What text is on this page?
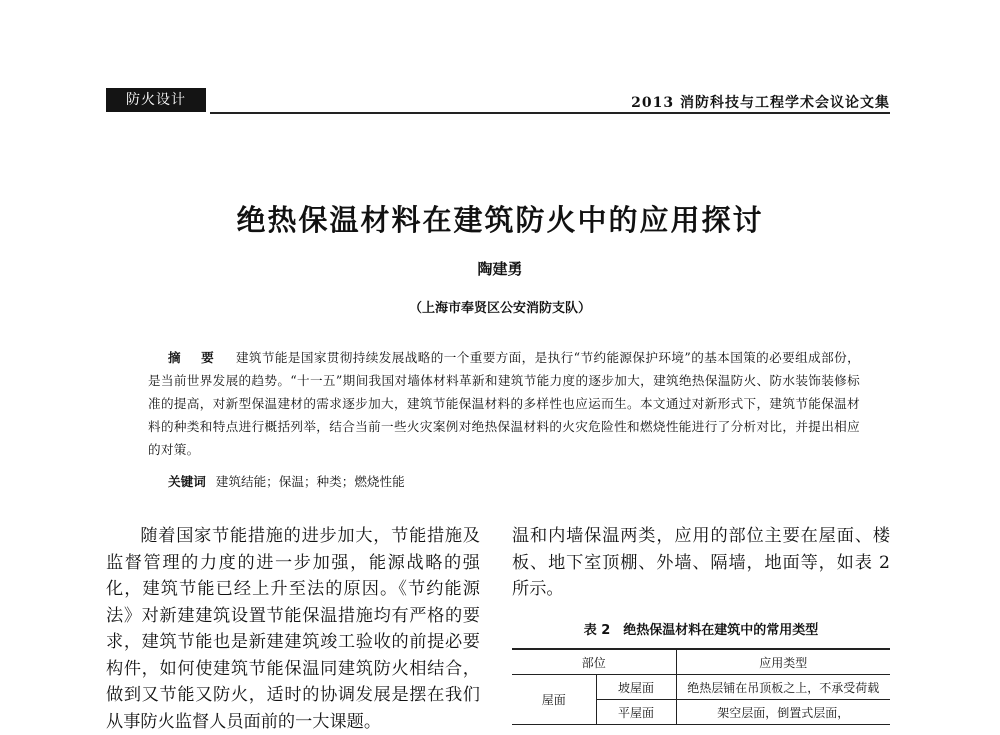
防火设计	2013 消防科技与工程学术会议论文集
绝热保温材料在建筑防火中的应用探讨
陶建勇
（上海市奉贤区公安消防支队）
摘 要 建筑节能是国家贯彻持续发展战略的一个重要方面，是执行“节约能源保护环境”的基本国策的必要组成部份，是当前世界发展的趋势。“十一五”期间我国对墙体材料革新和建筑节能力度的逐步加大，建筑绝热保温防火、防水装饰装修标准的提高，对新型保温建材的需求逐步加大，建筑节能保温材料的多样性也应运而生。本文通过对新形式下，建筑节能保温材料的种类和特点进行概括列举，结合当前一些火灾案例对绝热保温材料的火灾危险性和燃烧性能进行了分析对比，并提出相应的对策。
关键词 建筑结能；保温；种类；燃烧性能

随着国家节能措施的进步加大，节能措施及监督管理的力度的进一步加强，能源战略的强化，建筑节能已经上升至法的原因。《节约能源法》对新建建筑设置节能保温措施均有严格的要求，建筑节能也是新建建筑竣工验收的前提必要构件，如何使建筑节能保温同建筑防火相结合，做到又节能又防火，适时的协调发展是摆在我们从事防火监督人员面前的一大课题。

温和内墙保温两类，应用的部位主要在屋面、楼板、地下室顶棚、外墙、隔墙，地面等，如表 2 所示。

表 2　绝热保温材料在建筑中的常用类型
部位		应用类型
屋面	坡屋面	绝热层铺在吊顶板之上，不承受荷载
	平屋面	架空层面，倒置式层面，
